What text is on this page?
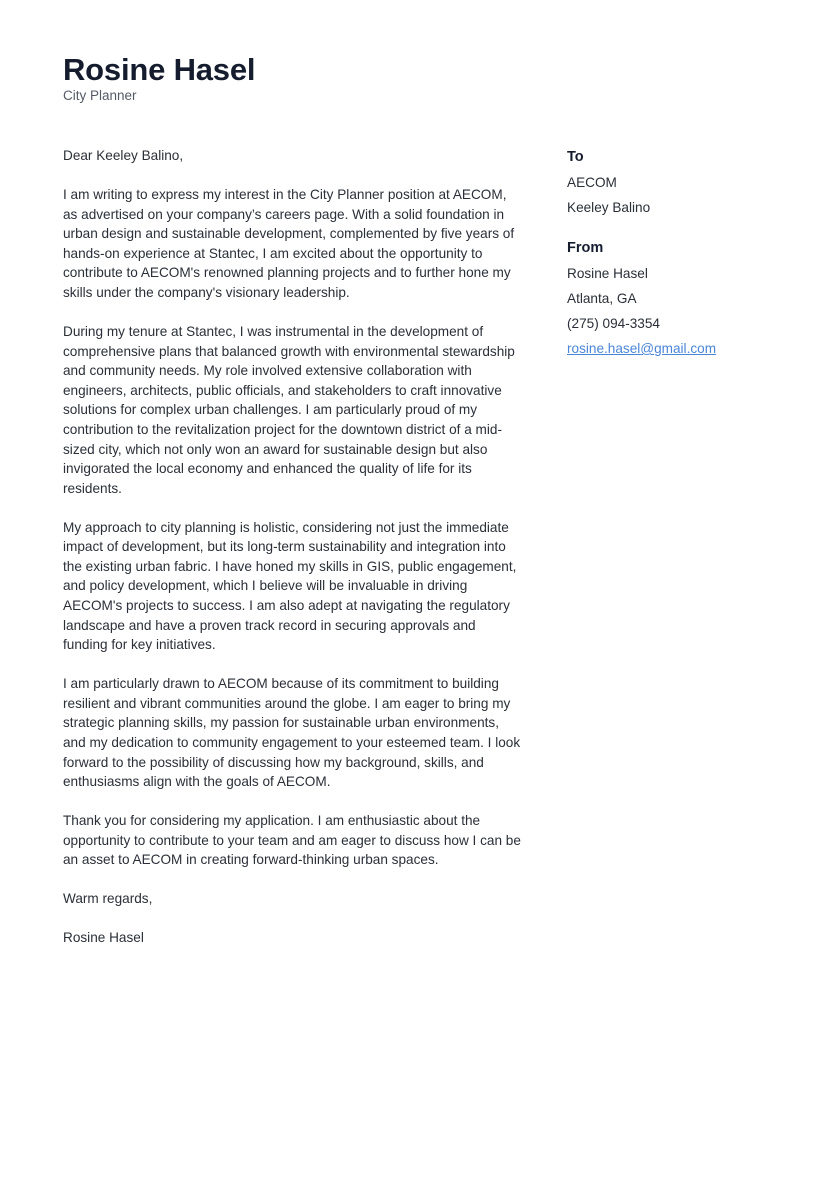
Rosine Hasel
City Planner

Dear Keeley Balino,

I am writing to express my interest in the City Planner position at AECOM, as advertised on your company’s careers page. With a solid foundation in urban design and sustainable development, complemented by five years of hands-on experience at Stantec, I am excited about the opportunity to contribute to AECOM's renowned planning projects and to further hone my skills under the company's visionary leadership.

During my tenure at Stantec, I was instrumental in the development of comprehensive plans that balanced growth with environmental stewardship and community needs. My role involved extensive collaboration with engineers, architects, public officials, and stakeholders to craft innovative solutions for complex urban challenges. I am particularly proud of my contribution to the revitalization project for the downtown district of a mid-sized city, which not only won an award for sustainable design but also invigorated the local economy and enhanced the quality of life for its residents.

My approach to city planning is holistic, considering not just the immediate impact of development, but its long-term sustainability and integration into the existing urban fabric. I have honed my skills in GIS, public engagement, and policy development, which I believe will be invaluable in driving AECOM's projects to success. I am also adept at navigating the regulatory landscape and have a proven track record in securing approvals and funding for key initiatives.

I am particularly drawn to AECOM because of its commitment to building resilient and vibrant communities around the globe. I am eager to bring my strategic planning skills, my passion for sustainable urban environments, and my dedication to community engagement to your esteemed team. I look forward to the possibility of discussing how my background, skills, and enthusiasms align with the goals of AECOM.

Thank you for considering my application. I am enthusiastic about the opportunity to contribute to your team and am eager to discuss how I can be an asset to AECOM in creating forward-thinking urban spaces.

Warm regards,

Rosine Hasel

To
AECOM
Keeley Balino
From
Rosine Hasel
Atlanta, GA
(275) 094-3354
rosine.hasel@gmail.com
